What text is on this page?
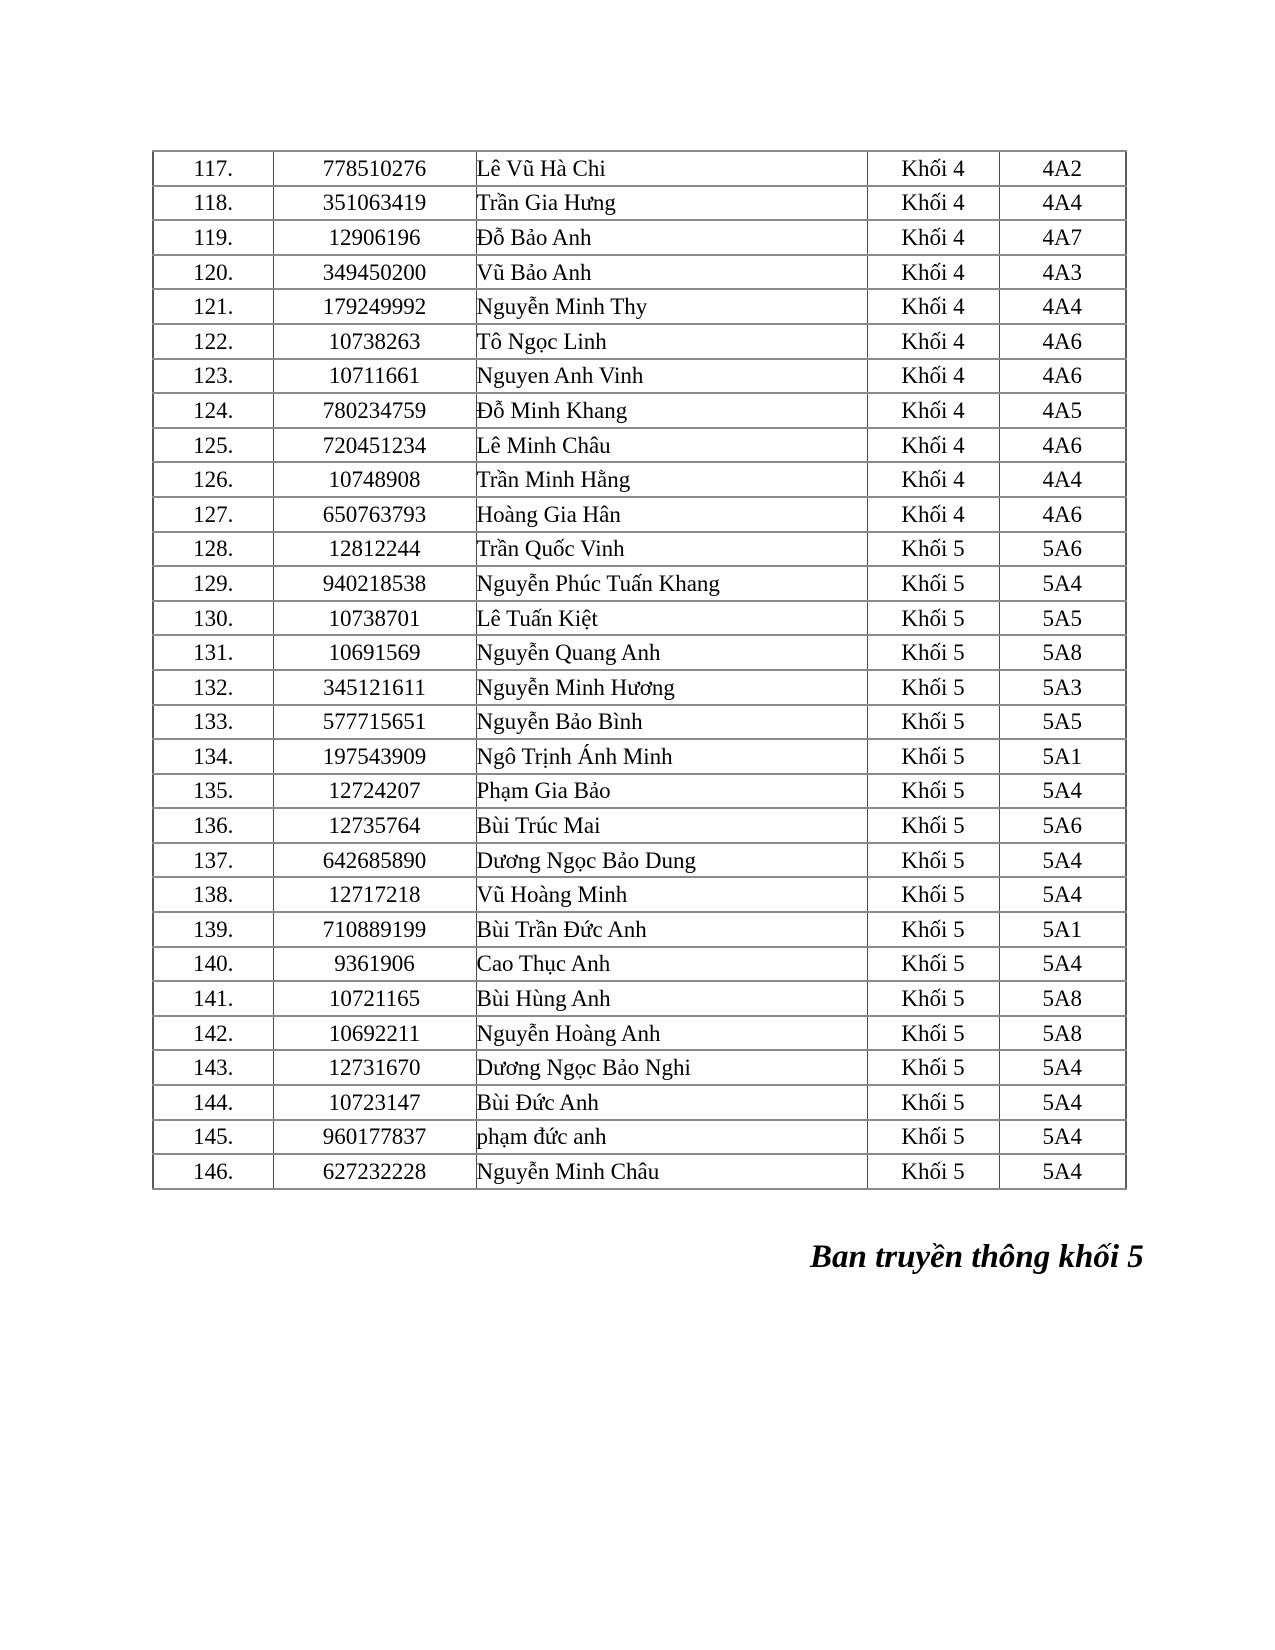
117.	778510276	Lê Vũ Hà Chi	Khối 4	4A2
118.	351063419	Trần Gia Hưng	Khối 4	4A4
119.	12906196	Đỗ Bảo Anh	Khối 4	4A7
120.	349450200	Vũ Bảo Anh	Khối 4	4A3
121.	179249992	Nguyễn Minh Thy	Khối 4	4A4
122.	10738263	Tô Ngọc Linh	Khối 4	4A6
123.	10711661	Nguyen Anh Vinh	Khối 4	4A6
124.	780234759	Đỗ Minh Khang	Khối 4	4A5
125.	720451234	Lê Minh Châu	Khối 4	4A6
126.	10748908	Trần Minh Hằng	Khối 4	4A4
127.	650763793	Hoàng Gia Hân	Khối 4	4A6
128.	12812244	Trần Quốc Vinh	Khối 5	5A6
129.	940218538	Nguyễn Phúc Tuấn Khang	Khối 5	5A4
130.	10738701	Lê Tuấn Kiệt	Khối 5	5A5
131.	10691569	Nguyễn Quang Anh	Khối 5	5A8
132.	345121611	Nguyễn Minh Hương	Khối 5	5A3
133.	577715651	Nguyễn Bảo Bình	Khối 5	5A5
134.	197543909	Ngô Trịnh Ánh Minh	Khối 5	5A1
135.	12724207	Phạm Gia Bảo	Khối 5	5A4
136.	12735764	Bùi Trúc Mai	Khối 5	5A6
137.	642685890	Dương Ngọc Bảo Dung	Khối 5	5A4
138.	12717218	Vũ Hoàng Minh	Khối 5	5A4
139.	710889199	Bùi Trần Đức Anh	Khối 5	5A1
140.	9361906	Cao Thục Anh	Khối 5	5A4
141.	10721165	Bùi Hùng Anh	Khối 5	5A8
142.	10692211	Nguyễn Hoàng Anh	Khối 5	5A8
143.	12731670	Dương Ngọc Bảo Nghi	Khối 5	5A4
144.	10723147	Bùi Đức Anh	Khối 5	5A4
145.	960177837	phạm đức anh	Khối 5	5A4
146.	627232228	Nguyễn Minh Châu	Khối 5	5A4
Ban truyền thông khối 5
